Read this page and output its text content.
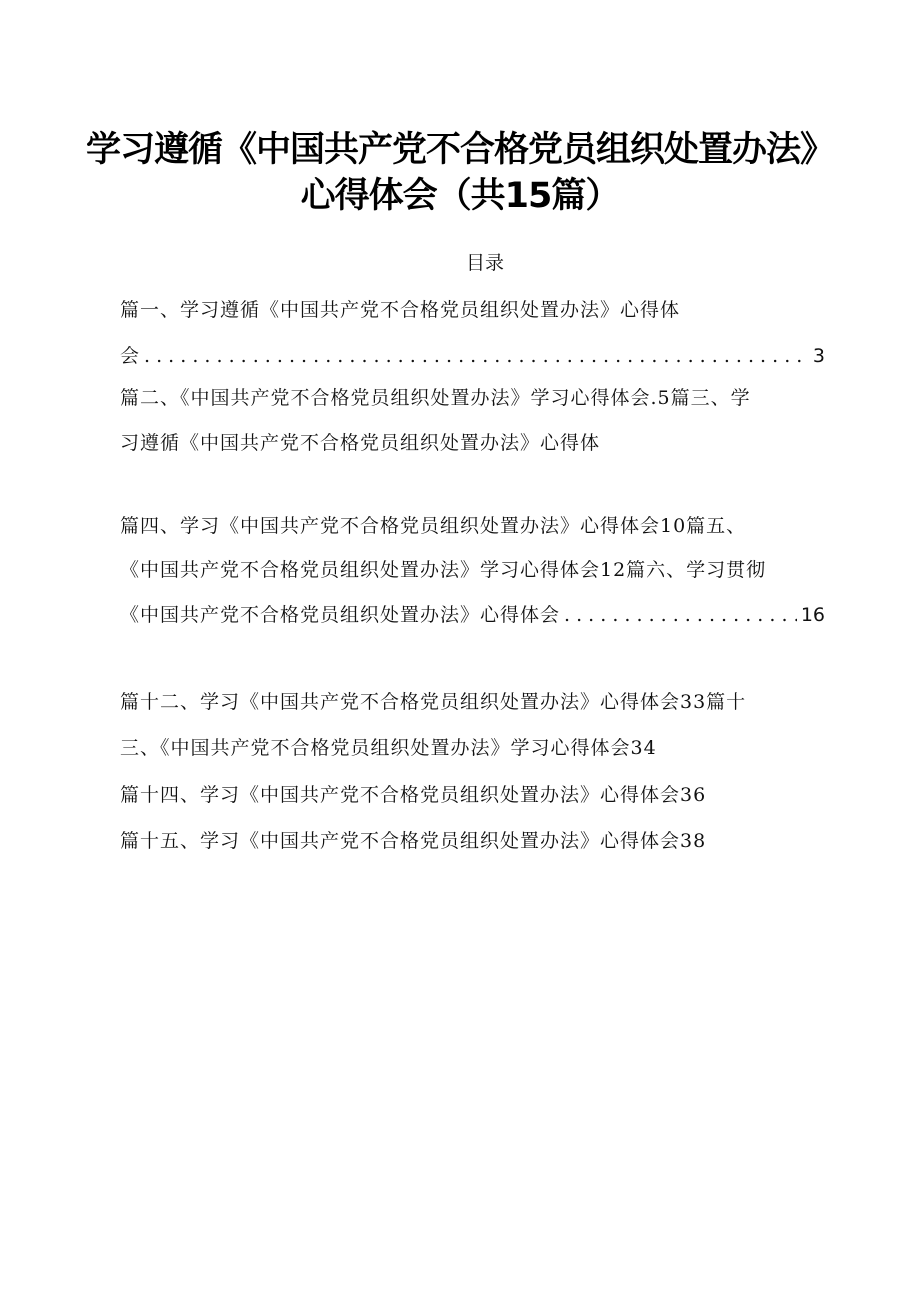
学习遵循《中国共产党不合格党员组织处置办法》
心得体会（共15篇）
目录
篇一、学习遵循《中国共产党不合格党员组织处置办法》心得体
会 . . .	3
篇二、《中国共产党不合格党员组织处置办法》学习心得体会.5篇三、学
习遵循《中国共产党不合格党员组织处置办法》心得体
篇四、学习《中国共产党不合格党员组织处置办法》心得体会10篇五、
《中国共产党不合格党员组织处置办法》学习心得体会12篇六、学习贯彻
《中国共产党不合格党员组织处置办法》心得体会 . . .	16
篇十二、学习《中国共产党不合格党员组织处置办法》心得体会33篇十
三、《中国共产党不合格党员组织处置办法》学习心得体会34
篇十四、学习《中国共产党不合格党员组织处置办法》心得体会36
篇十五、学习《中国共产党不合格党员组织处置办法》心得体会38
